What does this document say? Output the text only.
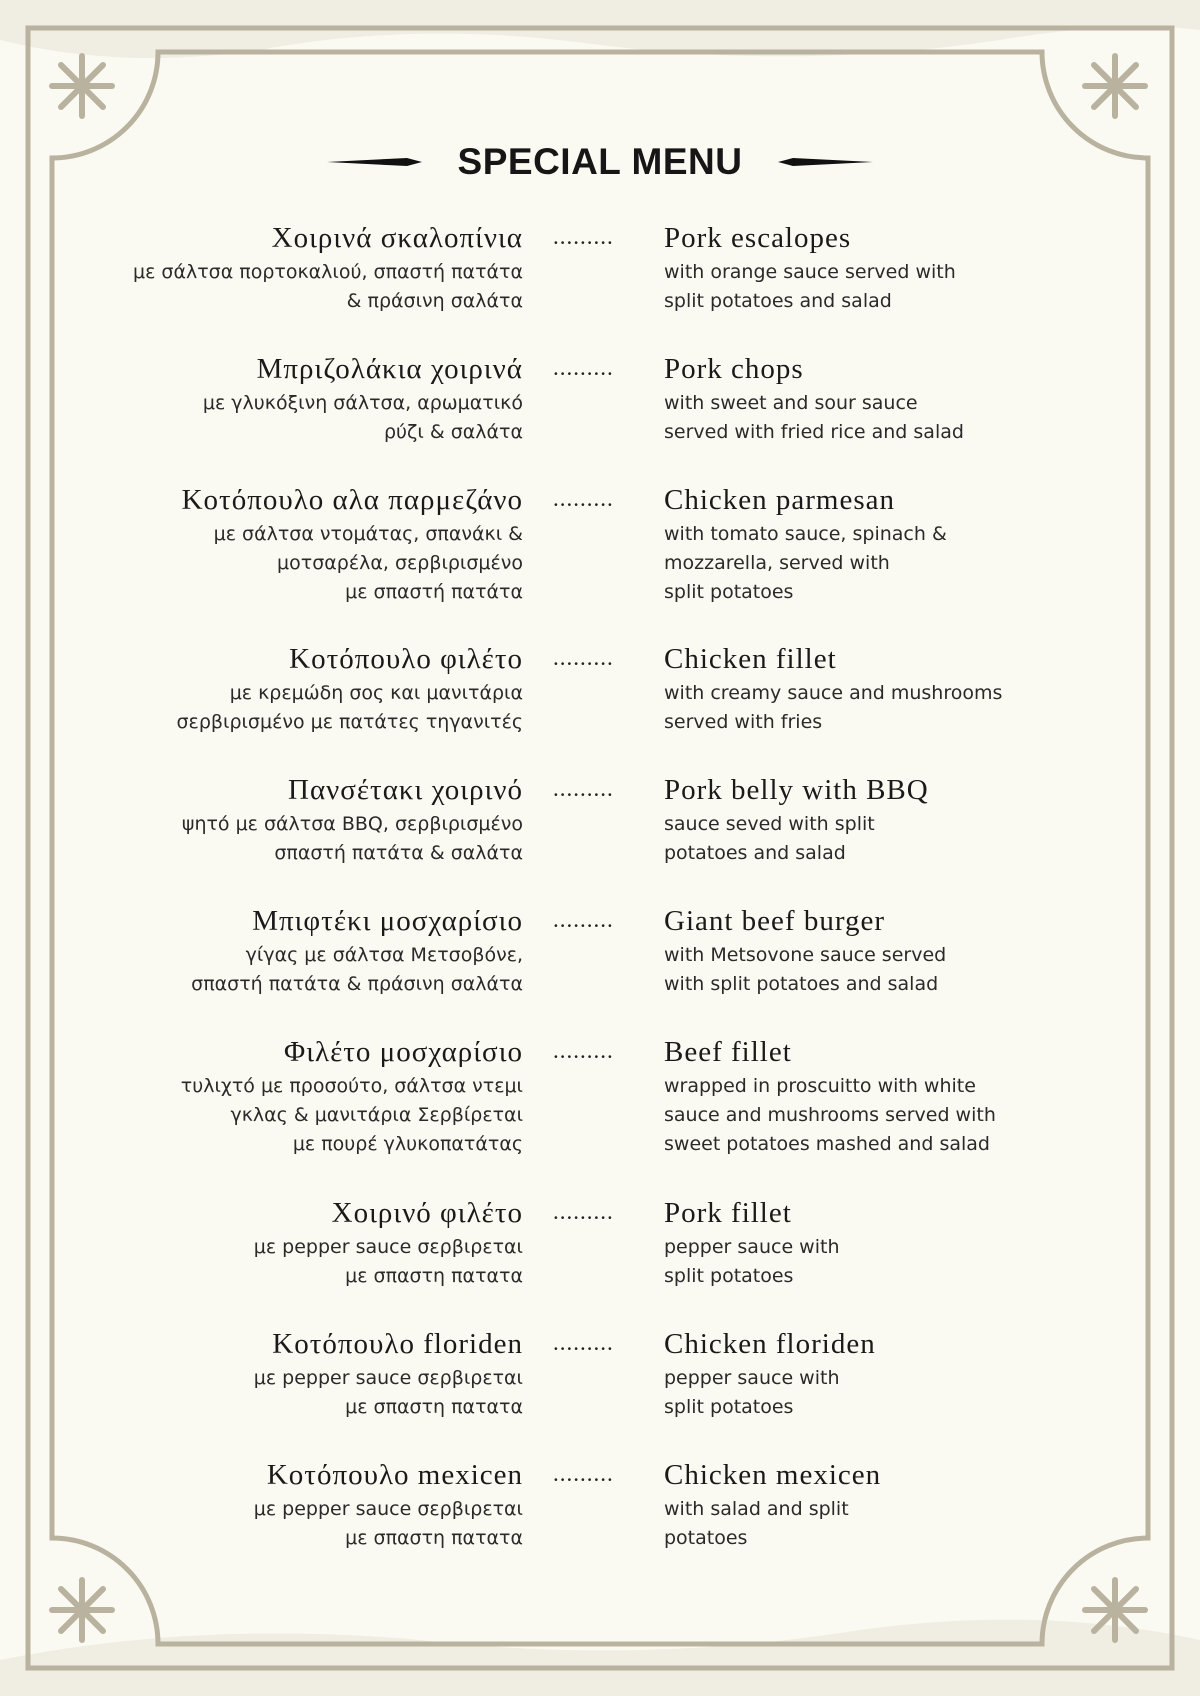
SPECIAL MENU
Χοιρινά σκαλοπίνια
με σάλτσα πορτοκαλιού, σπαστή πατάτα
& πράσινη σαλάτα
.........	Pork escalopes
with orange sauce served with
split potatoes and salad
Μπριζολάκια χοιρινά
με γλυκόξινη σάλτσα, αρωματικό
ρύζι & σαλάτα
.........	Pork chops
with sweet and sour sauce
served with fried rice and salad
Κοτόπουλο αλα παρμεζάνο
με σάλτσα ντομάτας, σπανάκι &
μοτσαρέλα, σερβιρισμένο
με σπαστή πατάτα
.........	Chicken parmesan
with tomato sauce, spinach &
mozzarella, served with
split potatoes
Κοτόπουλο φιλέτο
με κρεμώδη σος και μανιτάρια
σερβιρισμένο με πατάτες τηγανιτές
.........	Chicken fillet
with creamy sauce and mushrooms
served with fries
Πανσέτακι χοιρινό
ψητό με σάλτσα BBQ, σερβιρισμένο
σπαστή πατάτα & σαλάτα
.........	Pork belly with BBQ
sauce seved with split
potatoes and salad
Μπιφτέκι μοσχαρίσιο
γίγας με σάλτσα Μετσοβόνε,
σπαστή πατάτα & πράσινη σαλάτα
.........	Giant beef burger
with Metsovone sauce served
with split potatoes and salad
Φιλέτο μοσχαρίσιο
τυλιχτό με προσούτο, σάλτσα ντεμι
γκλας & μανιτάρια Σερβίρεται
με πουρέ γλυκοπατάτας
.........	Beef fillet
wrapped in proscuitto with white
sauce and mushrooms served with
sweet potatoes mashed and salad
Χοιρινό φιλέτο
με pepper sauce σερβιρεται
με σπαστη πατατα
.........	Pork fillet
pepper sauce with
split potatoes
Κοτόπουλο floriden
με pepper sauce σερβιρεται
με σπαστη πατατα
.........	Chicken floriden
pepper sauce with
split potatoes
Κοτόπουλο mexicen
με pepper sauce σερβιρεται
με σπαστη πατατα
.........	Chicken mexicen
with salad and split
potatoes
